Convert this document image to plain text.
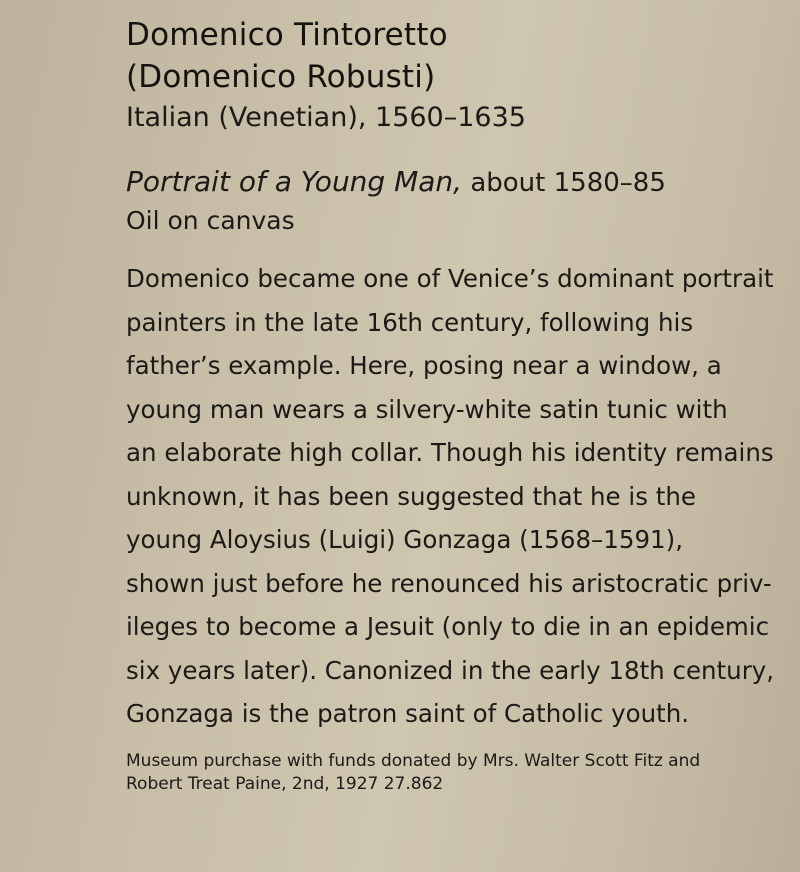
Domenico Tintoretto
(Domenico Robusti)

Italian (Venetian), 1560–1635

Portrait of a Young Man, about 1580–85

Oil on canvas

Domenico became one of Venice’s dominant portrait

painters in the late 16th century, following his

father’s example. Here, posing near a window, a

young man wears a silvery-white satin tunic with

an elaborate high collar. Though his identity remains

unknown, it has been suggested that he is the

young Aloysius (Luigi) Gonzaga (1568–1591),

shown just before he renounced his aristocratic priv-

ileges to become a Jesuit (only to die in an epidemic

six years later). Canonized in the early 18th century,

Gonzaga is the patron saint of Catholic youth.

Museum purchase with funds donated by Mrs. Walter Scott Fitz and

Robert Treat Paine, 2nd, 1927 27.862
